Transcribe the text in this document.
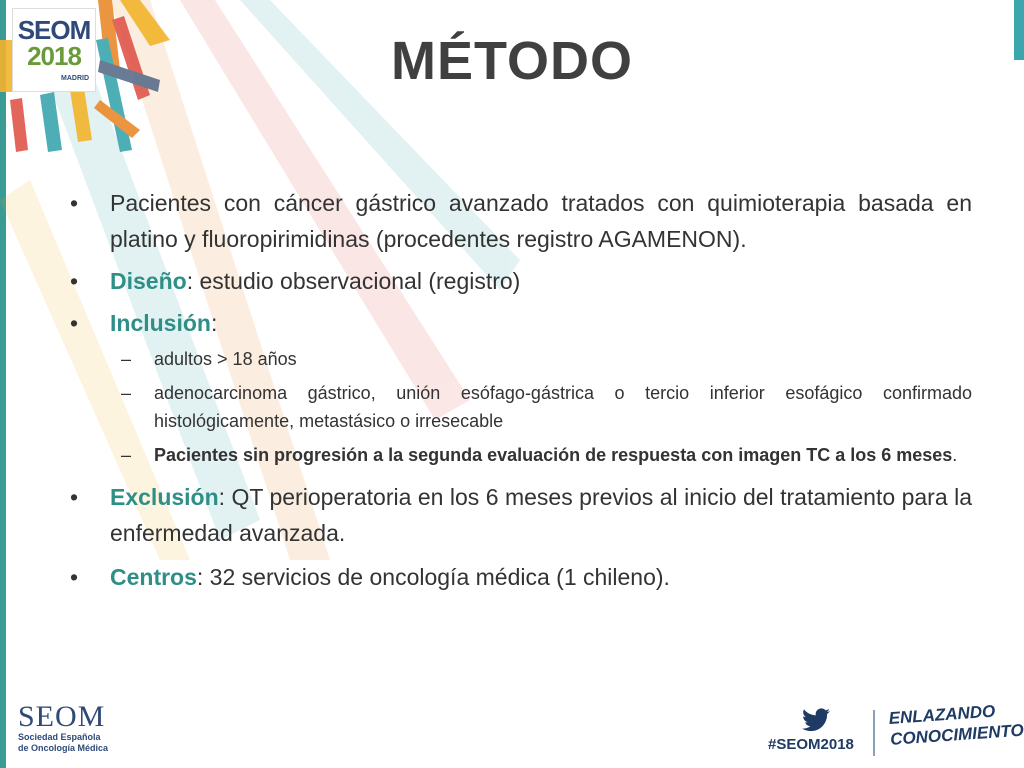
SEOM
2018
MADRID	MÉTODO
• Pacientes con cáncer gástrico avanzado tratados con quimioterapia basada en platino y fluoropirimidinas (procedentes registro AGAMENON).
• Diseño: estudio observacional (registro)
• Inclusión:
– adultos > 18 años
– adenocarcinoma gástrico, unión esófago-gástrica o tercio inferior esofágico confirmado histológicamente, metastásico o irresecable
– Pacientes sin progresión a la segunda evaluación de respuesta con imagen TC a los 6 meses.
• Exclusión: QT perioperatoria en los 6 meses previos al inicio del tratamiento para la enfermedad avanzada.
• Centros: 32 servicios de oncología médica (1 chileno).
SEOM
Sociedad Española
de Oncología Médica	#SEOM2018
ENLAZANDO
CONOCIMIENTO
